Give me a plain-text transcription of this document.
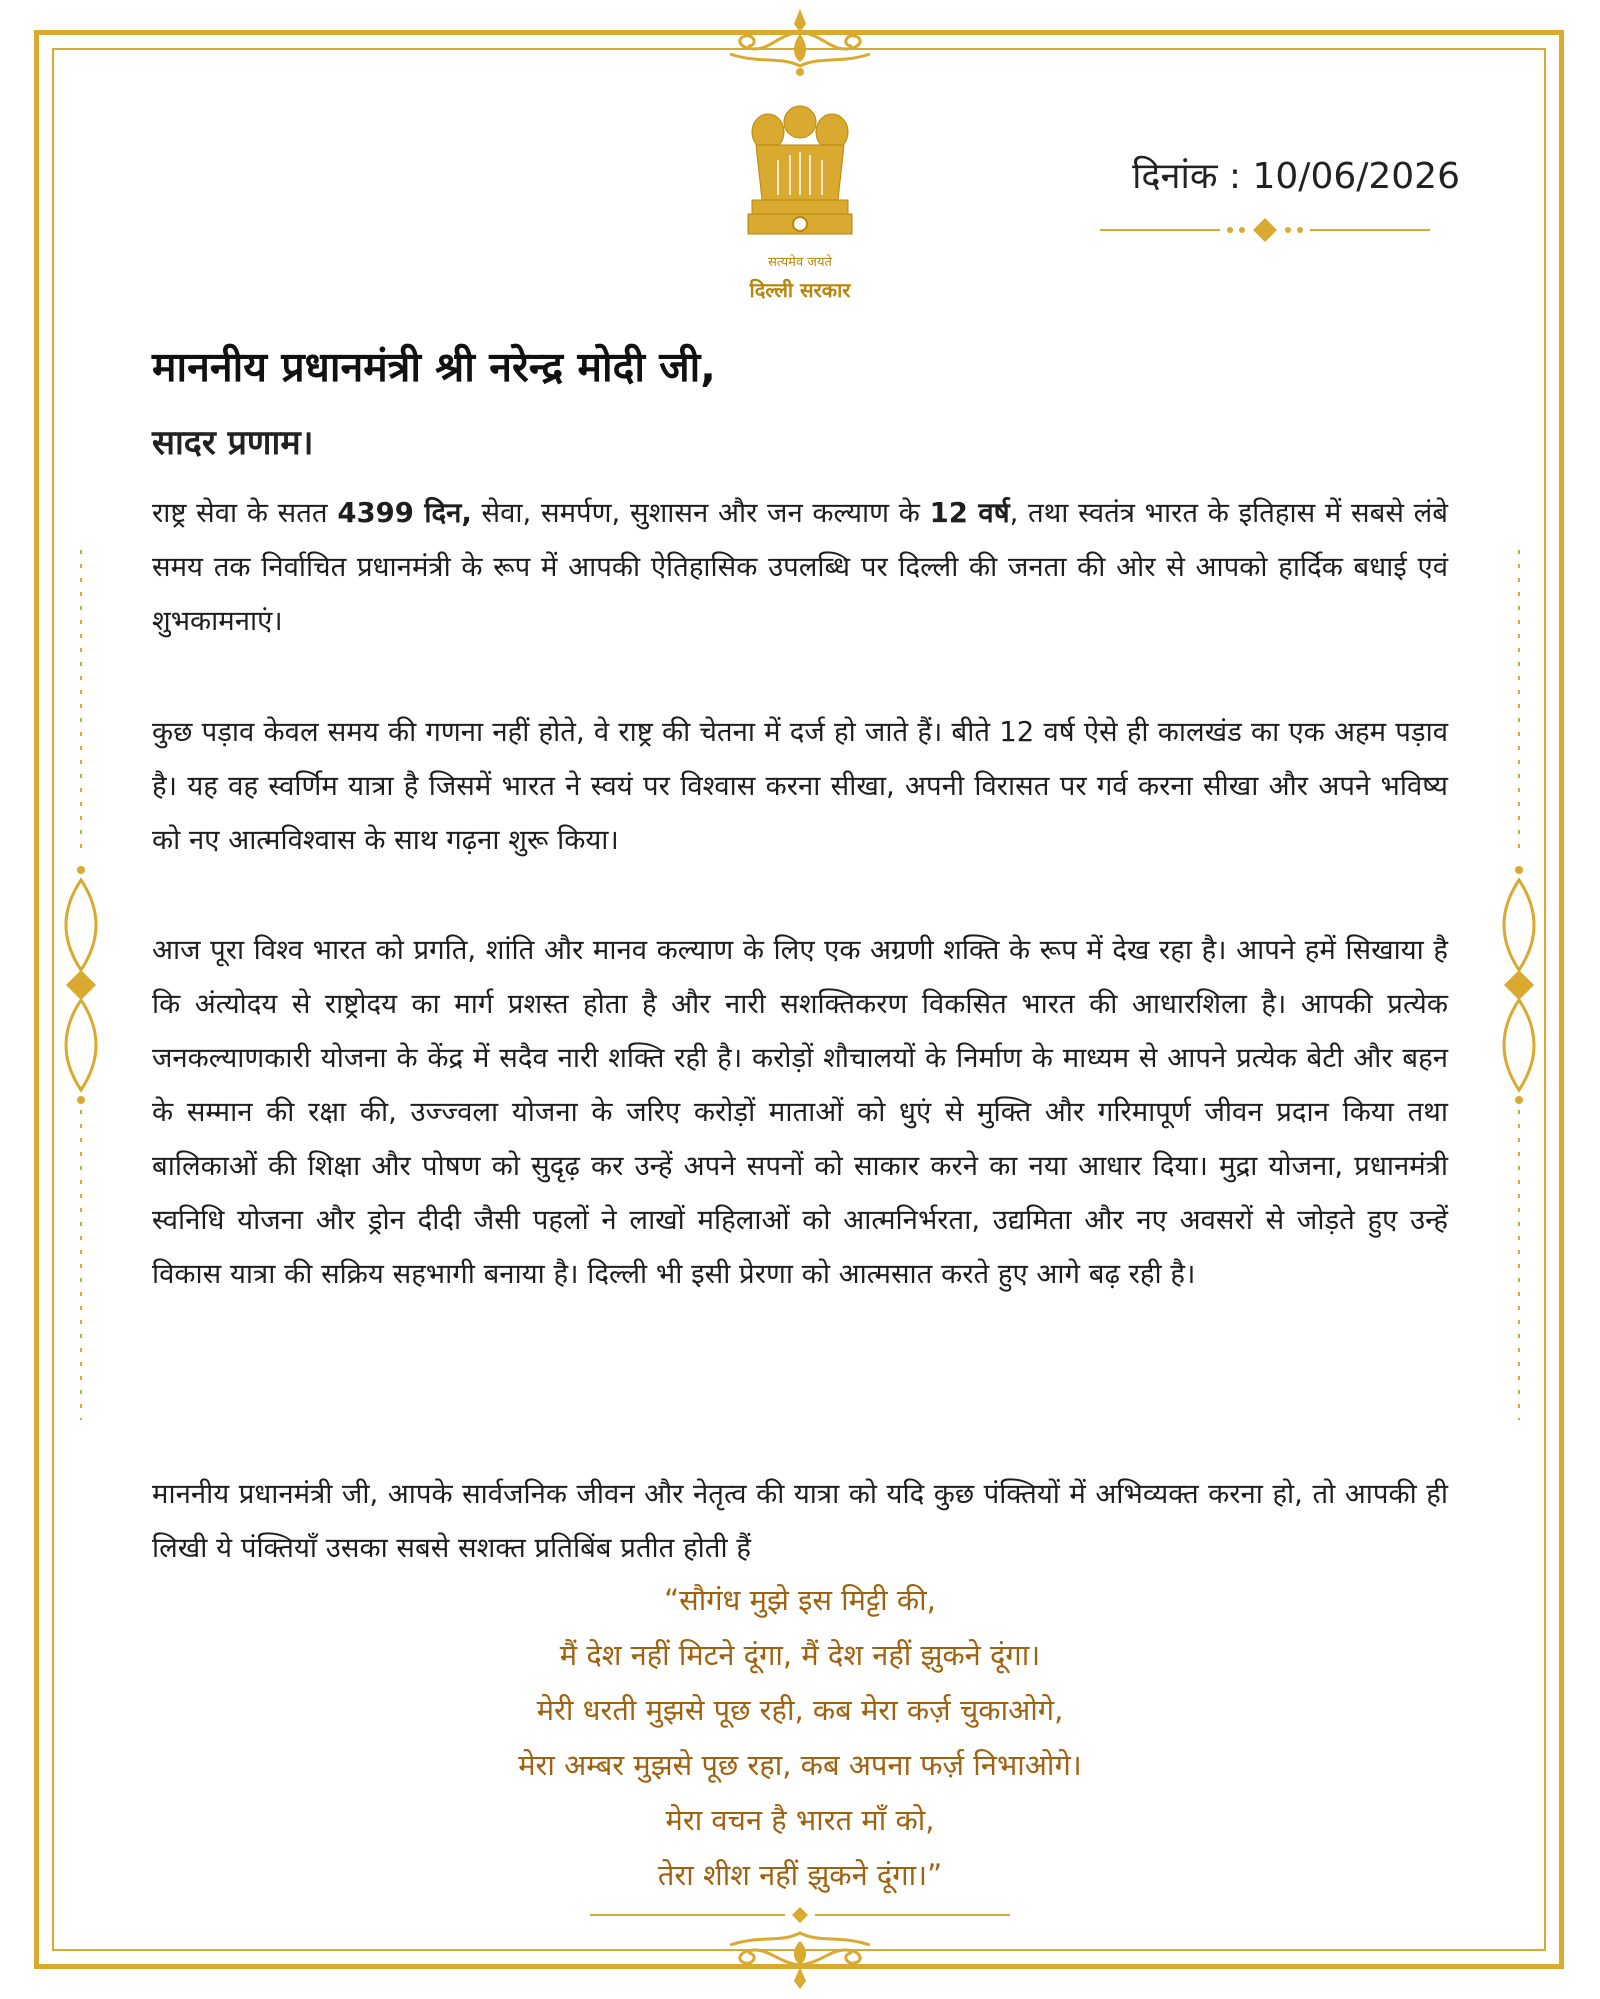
सत्यमेव जयते
दिल्ली सरकार
दिनांक : 10/06/2026
माननीय प्रधानमंत्री श्री नरेन्द्र मोदी जी,
सादर प्रणाम।
राष्ट्र सेवा के सतत 4399 दिन, सेवा, समर्पण, सुशासन और जन कल्याण के 12 वर्ष, तथा स्वतंत्र भारत के इतिहास में सबसे लंबे समय तक निर्वाचित प्रधानमंत्री के रूप में आपकी ऐतिहासिक उपलब्धि पर दिल्ली की जनता की ओर से आपको हार्दिक बधाई एवं शुभकामनाएं।
कुछ पड़ाव केवल समय की गणना नहीं होते, वे राष्ट्र की चेतना में दर्ज हो जाते हैं। बीते 12 वर्ष ऐसे ही कालखंड का एक अहम पड़ाव है। यह वह स्वर्णिम यात्रा है जिसमें भारत ने स्वयं पर विश्वास करना सीखा, अपनी विरासत पर गर्व करना सीखा और अपने भविष्य को नए आत्मविश्वास के साथ गढ़ना शुरू किया।
आज पूरा विश्व भारत को प्रगति, शांति और मानव कल्याण के लिए एक अग्रणी शक्ति के रूप में देख रहा है। आपने हमें सिखाया है कि अंत्योदय से राष्ट्रोदय का मार्ग प्रशस्त होता है और नारी सशक्तिकरण विकसित भारत की आधारशिला है। आपकी प्रत्येक जनकल्याणकारी योजना के केंद्र में सदैव नारी शक्ति रही है। करोड़ों शौचालयों के निर्माण के माध्यम से आपने प्रत्येक बेटी और बहन के सम्मान की रक्षा की, उज्ज्वला योजना के जरिए करोड़ों माताओं को धुएं से मुक्ति और गरिमापूर्ण जीवन प्रदान किया तथा बालिकाओं की शिक्षा और पोषण को सुदृढ़ कर उन्हें अपने सपनों को साकार करने का नया आधार दिया। मुद्रा योजना, प्रधानमंत्री स्वनिधि योजना और ड्रोन दीदी जैसी पहलों ने लाखों महिलाओं को आत्मनिर्भरता, उद्यमिता और नए अवसरों से जोड़ते हुए उन्हें विकास यात्रा की सक्रिय सहभागी बनाया है। दिल्ली भी इसी प्रेरणा को आत्मसात करते हुए आगे बढ़ रही है।
माननीय प्रधानमंत्री जी, आपके सार्वजनिक जीवन और नेतृत्व की यात्रा को यदि कुछ पंक्तियों में अभिव्यक्त करना हो, तो आपकी ही लिखी ये पंक्तियाँ उसका सबसे सशक्त प्रतिबिंब प्रतीत होती हैं
“सौगंध मुझे इस मिट्टी की,
मैं देश नहीं मिटने दूंगा, मैं देश नहीं झुकने दूंगा।
मेरी धरती मुझसे पूछ रही, कब मेरा कर्ज़ चुकाओगे,
मेरा अम्बर मुझसे पूछ रहा, कब अपना फर्ज़ निभाओगे।
मेरा वचन है भारत माँ को,
तेरा शीश नहीं झुकने दूंगा।”
